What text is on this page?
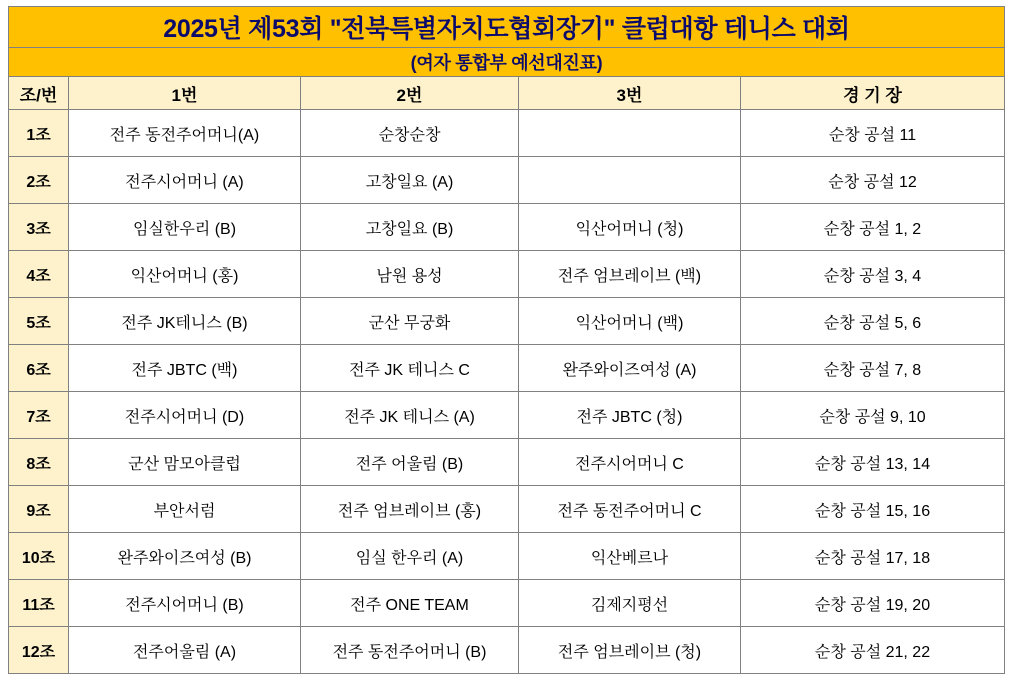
2025년 제53회 "전북특별자치도협회장기" 클럽대항 테니스 대회				
(여자 통합부 예선대진표)				
조/번	1번	2번	3번	경 기 장
1조	전주 동전주어머니(A)	순창순창		순창 공설 11
2조	전주시어머니 (A)	고창일요 (A)		순창 공설 12
3조	임실한우리 (B)	고창일요 (B)	익산어머니 (청)	순창 공설 1, 2
4조	익산어머니 (홍)	남원 용성	전주 엄브레이브 (백)	순창 공설 3, 4
5조	전주 JK테니스 (B)	군산 무궁화	익산어머니 (백)	순창 공설 5, 6
6조	전주 JBTC (백)	전주 JK 테니스 C	완주와이즈여성 (A)	순창 공설 7, 8
7조	전주시어머니 (D)	전주 JK 테니스 (A)	전주 JBTC (청)	순창 공설 9, 10
8조	군산 맘모아클럽	전주 어울림 (B)	전주시어머니 C	순창 공설 13, 14
9조	부안서럼	전주 엄브레이브 (홍)	전주 동전주어머니 C	순창 공설 15, 16
10조	완주와이즈여성 (B)	임실 한우리 (A)	익산베르나	순창 공설 17, 18
11조	전주시어머니 (B)	전주 ONE TEAM	김제지평선	순창 공설 19, 20
12조	전주어울림 (A)	전주 동전주어머니 (B)	전주 엄브레이브 (청)	순창 공설 21, 22
